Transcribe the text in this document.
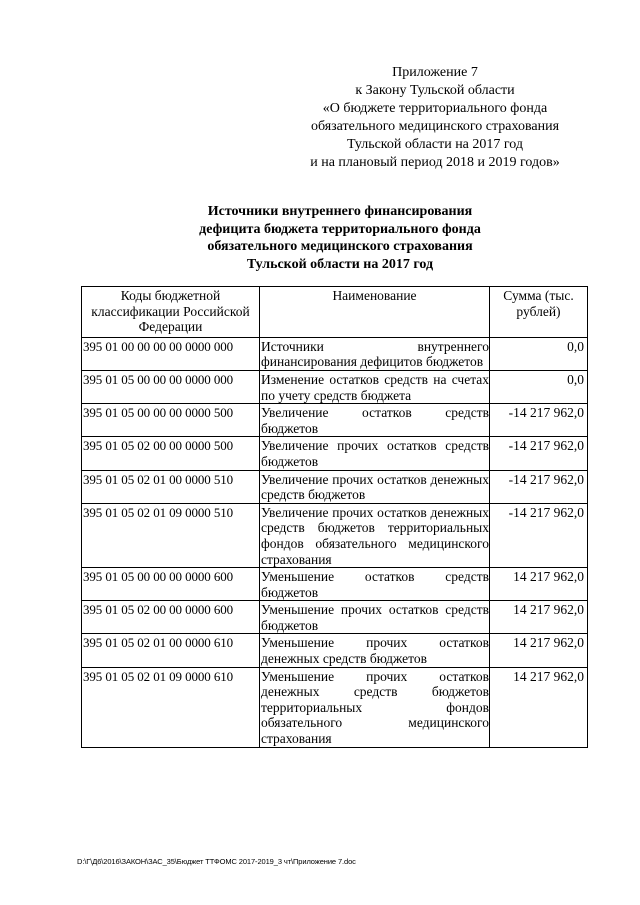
Приложение 7
к Закону Тульской области
«О бюджете территориального фонда
обязательного медицинского страхования
Тульской области на 2017 год
и на плановый период 2018 и 2019 годов»
Источники внутреннего финансирования
дефицита бюджета территориального фонда
обязательного медицинского страхования
Тульской области на 2017 год
Коды бюджетной классификации Российской Федерации	Наименование	Сумма (тыс. рублей)
395 01 00 00 00 00 0000 000	Источники внутреннего финансирования дефицитов бюджетов	0,0
395 01 05 00 00 00 0000 000	Изменение остатков средств на счетах по учету средств бюджета	0,0
395 01 05 00 00 00 0000 500	Увеличение остатков средств бюджетов	-14 217 962,0
395 01 05 02 00 00 0000 500	Увеличение прочих остатков средств бюджетов	-14 217 962,0
395 01 05 02 01 00 0000 510	Увеличение прочих остатков денежных средств бюджетов	-14 217 962,0
395 01 05 02 01 09 0000 510	Увеличение прочих остатков денежных средств бюджетов территориальных фондов обязательного медицинского страхования	-14 217 962,0
395 01 05 00 00 00 0000 600	Уменьшение остатков средств бюджетов	14 217 962,0
395 01 05 02 00 00 0000 600	Уменьшение прочих остатков средств бюджетов	14 217 962,0
395 01 05 02 01 00 0000 610	Уменьшение прочих остатков денежных средств бюджетов	14 217 962,0
395 01 05 02 01 09 0000 610	Уменьшение прочих остатков денежных средств бюджетов территориальных фондов обязательного медицинского страхования	14 217 962,0
D:\Г\Д6\2016\ЗАКОН\ЗАС_35\Бюджет ТТФОМС 2017-2019_3 чт\Приложение 7.doc
